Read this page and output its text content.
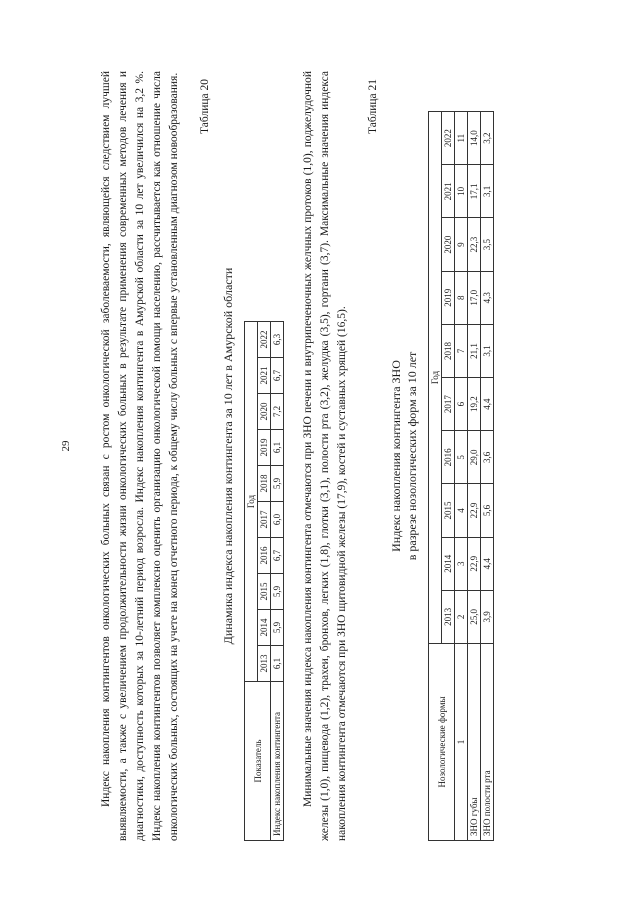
29 Индекс накопления контингентов онкологических больных связан с ростом онкологической заболеваемости, являющейся следствием лучшей выявляемости, а также с увеличением продолжительности жизни онкологических больных в результате применения современных методов лечения и диагностики, доступность которых за 10-летний период возросла. Индекс накопления контингента в Амурской области за 10 лет увеличился на 3,2 %. Индекс накопления контингентов позволяет комплексно оценить организацию онкологической помощи населению, рассчитывается как отношение числа онкологических больных, состоящих на учете на конец отчетного периода, к общему числу больных с впервые установленным диагнозом новообразования. Таблица 20
Динамика индекса накопления контингента за 10 лет в Амурской области
Показатель	Год									
	2013	2014	2015	2016	2017	2018	2019	2020	2021	2022
Индекс накопления контингента	6,1	5,9	5,9	6,7	6,0	5,9	6,1	7,2	6,7	6,3 Минимальные значения индекса накопления контингента отмечаются при ЗНО печени и внутрипеченочных желчных протоков (1,0), поджелудочной железы (1,0), пищевода (1,2), трахеи, бронхов, легких (1,8), глотки (3,1), полости рта (3,2), желудка (3,5), гортани (3,7). Максимальные значения индекса накопления контингента отмечаются при ЗНО щитовидной железы (17,9), костей и суставных хрящей (16,5).

Таблица 21
Индекс накопления контингента ЗНО в разрезе нозологических форм за 10 лет
Нозологические формы	Год									
	2013	2014	2015	2016	2017	2018	2019	2020	2021	2022
1	2	3	4	5	6	7	8	9	10	11
ЗНО губы	25,0	22,9	22,9	29,0	19,2	21,1	17,0	22,3	17,1	14,0
ЗНО полости рта	3,9	4,4	5,6	3,6	4,4	3,1	4,3	3,5	3,1	3,2
